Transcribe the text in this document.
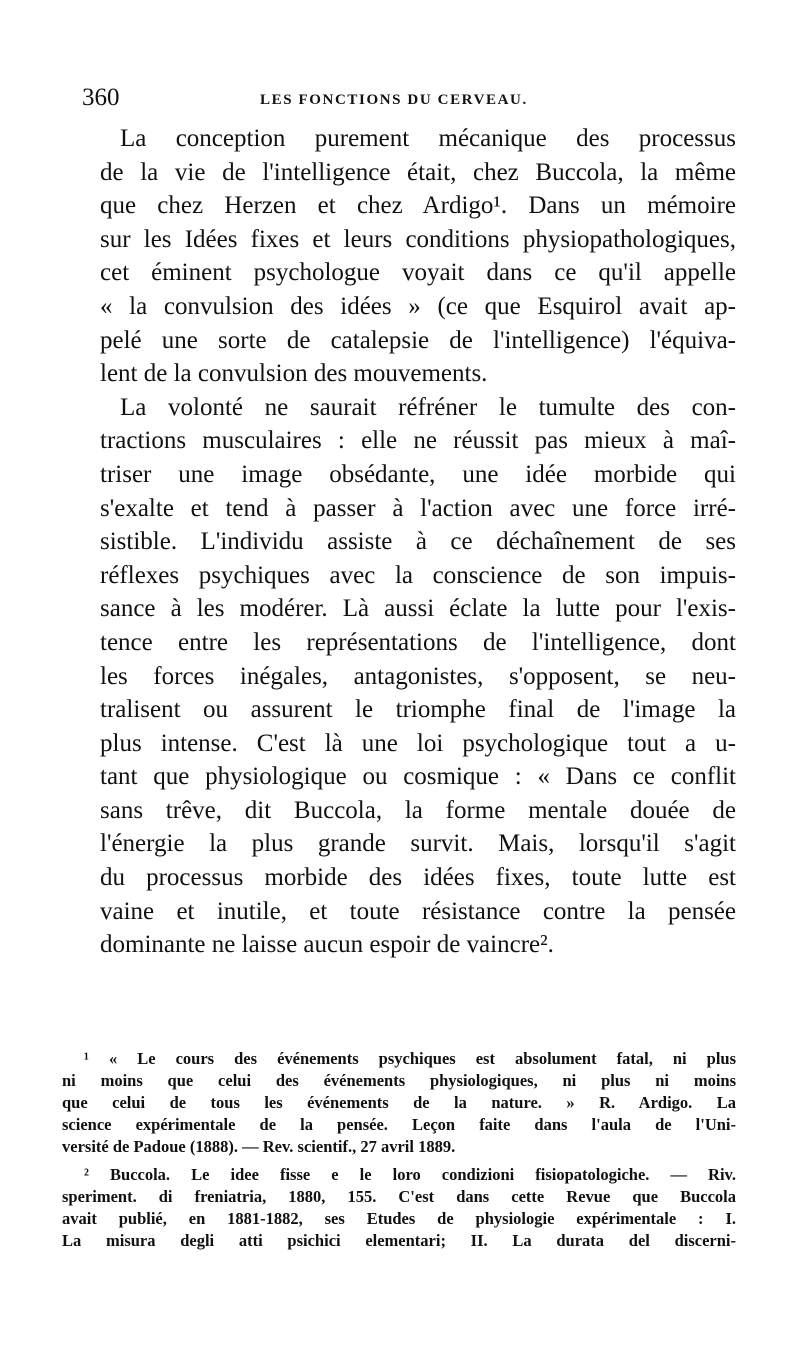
360	LES FONCTIONS DU CERVEAU.
La conception purement mécanique des processus
de la vie de l'intelligence était, chez Buccola, la même
que chez Herzen et chez Ardigo¹. Dans un mémoire
sur les Idées fixes et leurs conditions physiopathologiques,
cet éminent psychologue voyait dans ce qu'il appelle
« la convulsion des idées » (ce que Esquirol avait ap-
pelé une sorte de catalepsie de l'intelligence) l'équiva-
lent de la convulsion des mouvements.
La volonté ne saurait réfréner le tumulte des con-
tractions musculaires : elle ne réussit pas mieux à maî-
triser une image obsédante, une idée morbide qui
s'exalte et tend à passer à l'action avec une force irré-
sistible. L'individu assiste à ce déchaînement de ses
réflexes psychiques avec la conscience de son impuis-
sance à les modérer. Là aussi éclate la lutte pour l'exis-
tence entre les représentations de l'intelligence, dont
les forces inégales, antagonistes, s'opposent, se neu-
tralisent ou assurent le triomphe final de l'image la
plus intense. C'est là une loi psychologique tout a u-
tant que physiologique ou cosmique : « Dans ce conflit
sans trêve, dit Buccola, la forme mentale douée de
l'énergie la plus grande survit. Mais, lorsqu'il s'agit
du processus morbide des idées fixes, toute lutte est
vaine et inutile, et toute résistance contre la pensée
dominante ne laisse aucun espoir de vaincre².
¹ « Le cours des événements psychiques est absolument fatal, ni plus
ni moins que celui des événements physiologiques, ni plus ni moins
que celui de tous les événements de la nature. » R. Ardigo. La
science expérimentale de la pensée. Leçon faite dans l'aula de l'Uni-
versité de Padoue (1888). — Rev. scientif., 27 avril 1889.
² Buccola. Le idee fisse e le loro condizioni fisiopatologiche. — Riv.
speriment. di freniatria, 1880, 155. C'est dans cette Revue que Buccola
avait publié, en 1881-1882, ses Etudes de physiologie expérimentale : I.
La misura degli atti psichici elementari; II. La durata del discerni-
